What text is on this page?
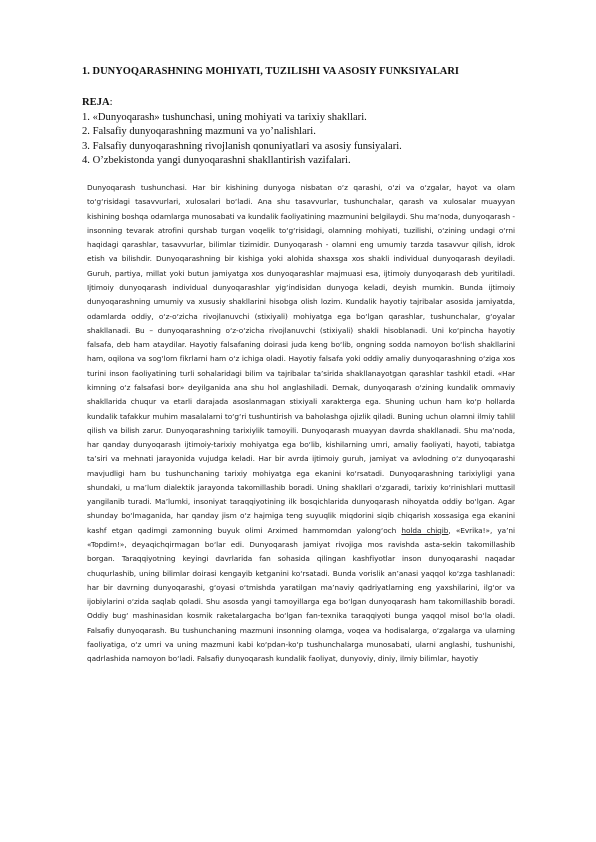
1. DUNYOQARASHNING MOHIYATI, TUZILISHI VA ASOSIY FUNKSIYALARI
REJA:
1. «Dunyoqarash» tushunchasi, uning mohiyati va tarixiy shakllari.
2. Falsafiy dunyoqarashning mazmuni va yo’nalishlari.
3. Falsafiy dunyoqarashning rivojlanish qonuniyatlari va asosiy funsiyalari.
4. O’zbekistonda yangi dunyoqarashni shakllantirish vazifalari.

Dunyoqarash tushunchasi. Har bir kishining dunyoga nisbatan o‘z qarashi, o‘zi va o‘zgalar, hayot va olam to‘g‘risidagi tasavvurlari, xulosalari bo‘ladi. Ana shu tasavvurlar, tushunchalar, qarash va xulosalar muayyan kishining boshqa odamlarga munosabati va kundalik faoliyatining mazmunini belgilaydi. Shu ma’noda, dunyoqarash - insonning tevarak atrofini qurshab turgan voqelik to‘g‘risidagi, olamning mohiyati, tuzilishi, o‘zining undagi o‘rni haqidagi qarashlar, tasavvurlar, bilimlar tizimidir. Dunyoqarash - olamni eng umumiy tarzda tasavvur qilish, idrok etish va bilishdir. Dunyoqarashning bir kishiga yoki alohida shaxsga xos shakli individual dunyoqarash deyiladi. Guruh, partiya, millat yoki butun jamiyatga xos dunyoqarashlar majmuasi esa, ijtimoiy dunyoqarash deb yuritiladi. Ijtimoiy dunyoqarash individual dunyoqarashlar yig‘indisidan dunyoga keladi, deyish mumkin. Bunda ijtimoiy dunyoqarashning umumiy va xususiy shakllarini hisobga olish lozim. Kundalik hayotiy tajribalar asosida jamiyatda, odamlarda oddiy, o‘z-o‘zicha rivojlanuvchi (stixiyali) mohiyatga ega bo‘lgan qarashlar, tushunchalar, g‘oyalar shakllanadi. Bu – dunyoqarashning o‘z-o‘zicha rivojlanuvchi (stixiyali) shakli hisoblanadi. Uni ko‘pincha hayotiy falsafa, deb ham ataydilar. Hayotiy falsafaning doirasi juda keng bo‘lib, ongning sodda namoyon bo‘lish shakllarini ham, oqilona va sog‘lom fikrlarni ham o‘z ichiga oladi. Hayotiy falsafa yoki oddiy amaliy dunyoqarashning o‘ziga xos turini inson faoliyatining turli sohalaridagi bilim va tajribalar ta’sirida shakllanayotgan qarashlar tashkil etadi. «Har kimning o‘z falsafasi bor» deyilganida ana shu hol anglashiladi. Demak, dunyoqarash o‘zining kundalik ommaviy shakllarida chuqur va etarli darajada asoslanmagan stixiyali xarakterga ega. Shuning uchun ham ko‘p hollarda kundalik tafakkur muhim masalalarni to‘g‘ri tushuntirish va baholashga ojizlik qiladi. Buning uchun olamni ilmiy tahlil qilish va bilish zarur. Dunyoqarashning tarixiylik tamoyili. Dunyoqarash muayyan davrda shakllanadi. Shu ma’noda, har qanday dunyoqarash ijtimoiy-tarixiy mohiyatga ega bo‘lib, kishilarning umri, amaliy faoliyati, hayoti, tabiatga ta’siri va mehnati jarayonida vujudga keladi. Har bir avrda ijtimoiy guruh, jamiyat va avlodning o‘z dunyoqarashi mavjudligi ham bu tushunchaning tarixiy mohiyatga ega ekanini ko‘rsatadi. Dunyoqarashning tarixiyligi yana shundaki, u ma’lum dialektik jarayonda takomillashib boradi. Uning shakllari o‘zgaradi, tarixiy ko‘rinishlari muttasil yangilanib turadi. Ma’lumki, insoniyat taraqqiyotining ilk bosqichlarida dunyoqarash nihoyatda oddiy bo‘lgan. Agar shunday bo‘lmaganida, har qanday jism o‘z hajmiga teng suyuqlik miqdorini siqib chiqarish xossasiga ega ekanini kashf etgan qadimgi zamonning buyuk olimi Arximed hammomdan yalong‘och holda chiqib, «Evrika!», ya’ni «Topdim!», deyaqichqirmagan bo‘lar edi. Dunyoqarash jamiyat rivojiga mos ravishda asta-sekin takomillashib borgan. Taraqqiyotning keyingi davrlarida fan sohasida qilingan kashfiyotlar inson dunyoqarashi naqadar chuqurlashib, uning bilimlar doirasi kengayib ketganini ko‘rsatadi. Bunda vorislik an’anasi yaqqol ko‘zga tashlanadi: har bir davrning dunyoqarashi, g‘oyasi o‘tmishda yaratilgan ma’naviy qadriyatlarning eng yaxshilarini, ilg‘or va ijobiylarini o‘zida saqlab qoladi. Shu asosda yangi tamoyillarga ega bo‘lgan dunyoqarash ham takomillashib boradi. Oddiy bug‘ mashinasidan kosmik raketalargacha bo‘lgan fan-texnika taraqqiyoti bunga yaqqol misol bo‘la oladi. Falsafiy dunyoqarash. Bu tushunchaning mazmuni insonning olamga, voqea va hodisalarga, o‘zgalarga va ularning faoliyatiga, o‘z umri va uning mazmuni kabi ko‘pdan-ko‘p tushunchalarga munosabati, ularni anglashi, tushunishi, qadrlashida namoyon bo‘ladi. Falsafiy dunyoqarash kundalik faoliyat, dunyoviy, diniy, ilmiy bilimlar, hayotiy
